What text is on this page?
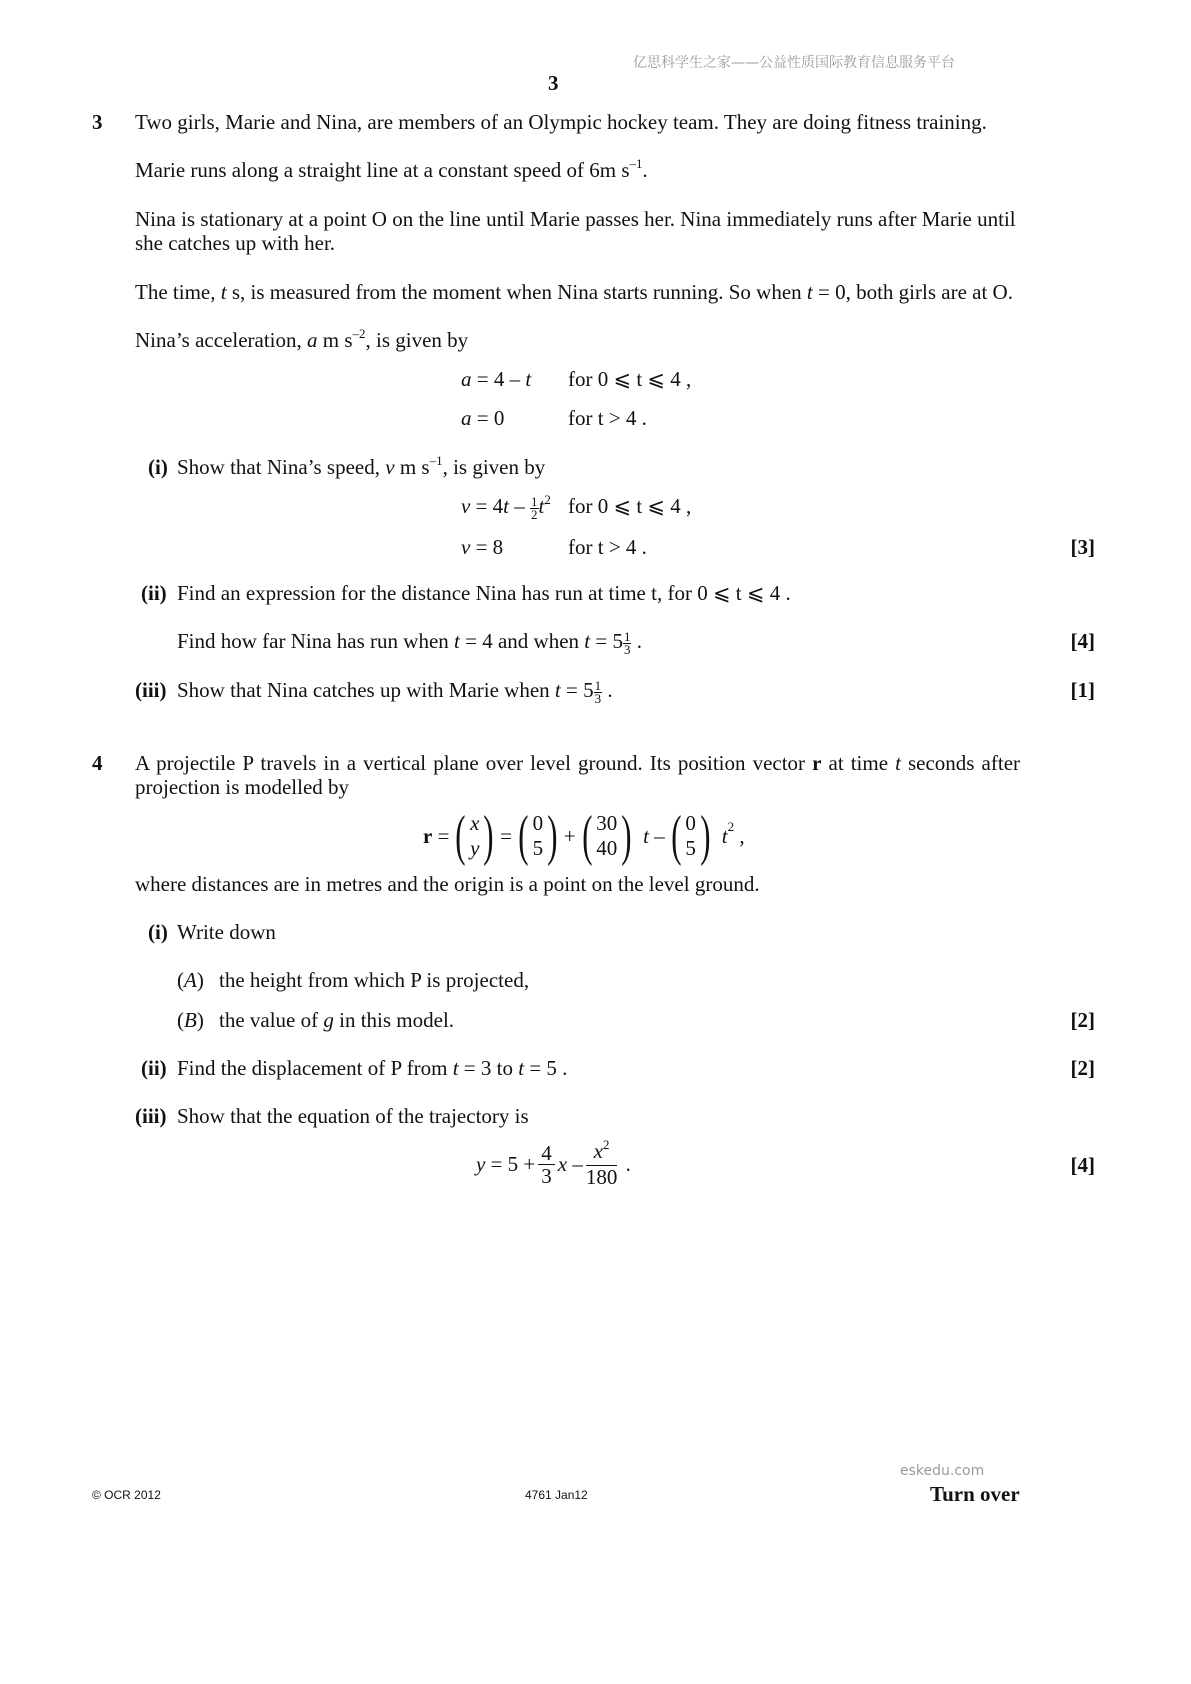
亿思科学生之家——公益性质国际教育信息服务平台
3
3 Two girls, Marie and Nina, are members of an Olympic hockey team. They are doing fitness training.
Marie runs along a straight line at a constant speed of 6m $s^{-1}$.
Nina is stationary at a point O on the line until Marie passes her. Nina immediately runs after Marie until she catches up with her.
The time, t s, is measured from the moment when Nina starts running. So when t = 0, both girls are at O.
Nina’s acceleration, a m $s^{-2}$, is given by
a = 4 – t for 0 ⩽ t ⩽ 4 ,
a = 0	for t > 4 .
(i) Show that Nina’s speed, v m $s^{-1}$, is given by
$v = 4t - \frac{1}{2} t^2$ for 0 ⩽ t ⩽ 4 ,
v = 8	for t > 4 .	[3]
(ii) Find an expression for the distance Nina has run at time t, for 0 ⩽ t ⩽ 4 .
Find how far Nina has run when t = 4 and when $t = 5 \frac{1}{3}$ .	[4]
(iii) Show that Nina catches up with Marie when $t = 5 \frac{1}{3}$ .	[1]
4 A projectile P travels in a vertical plane over level ground. Its position vector r at time t seconds after projection is modelled by
r = ( x
y ) = ( 0
5 ) + ( 30
40 )
t – ( 0
5 )
t 2 ,
where distances are in metres and the origin is a point on the level ground.
(i) Write down
(A) the height from which P is projected,
(B) the value of g in this model.	[2]
(ii) Find the displacement of P from t = 3 to t = 5 .	[2]
(iii) Show that the equation of the trajectory is
y
= $5 + \frac{4}{3}$ x – $\frac{x^2}{180}$ .	[4]
eskedu.com
© OCR 2012	4761 Jan12	Turn over
